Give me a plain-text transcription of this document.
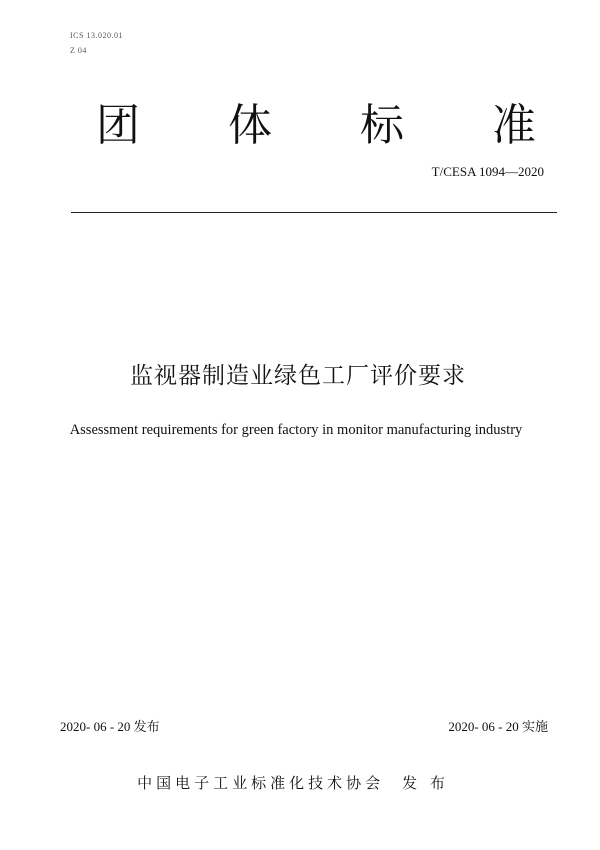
ICS 13.020.01
Z 04
团 体 标 准
T/CESA 1094—2020
监视器制造业绿色工厂评价要求
Assessment requirements for green factory in monitor manufacturing industry
2020- 06 - 20 发布	2020- 06 - 20 实施
中国电子工业标准化技术协会 发 布
